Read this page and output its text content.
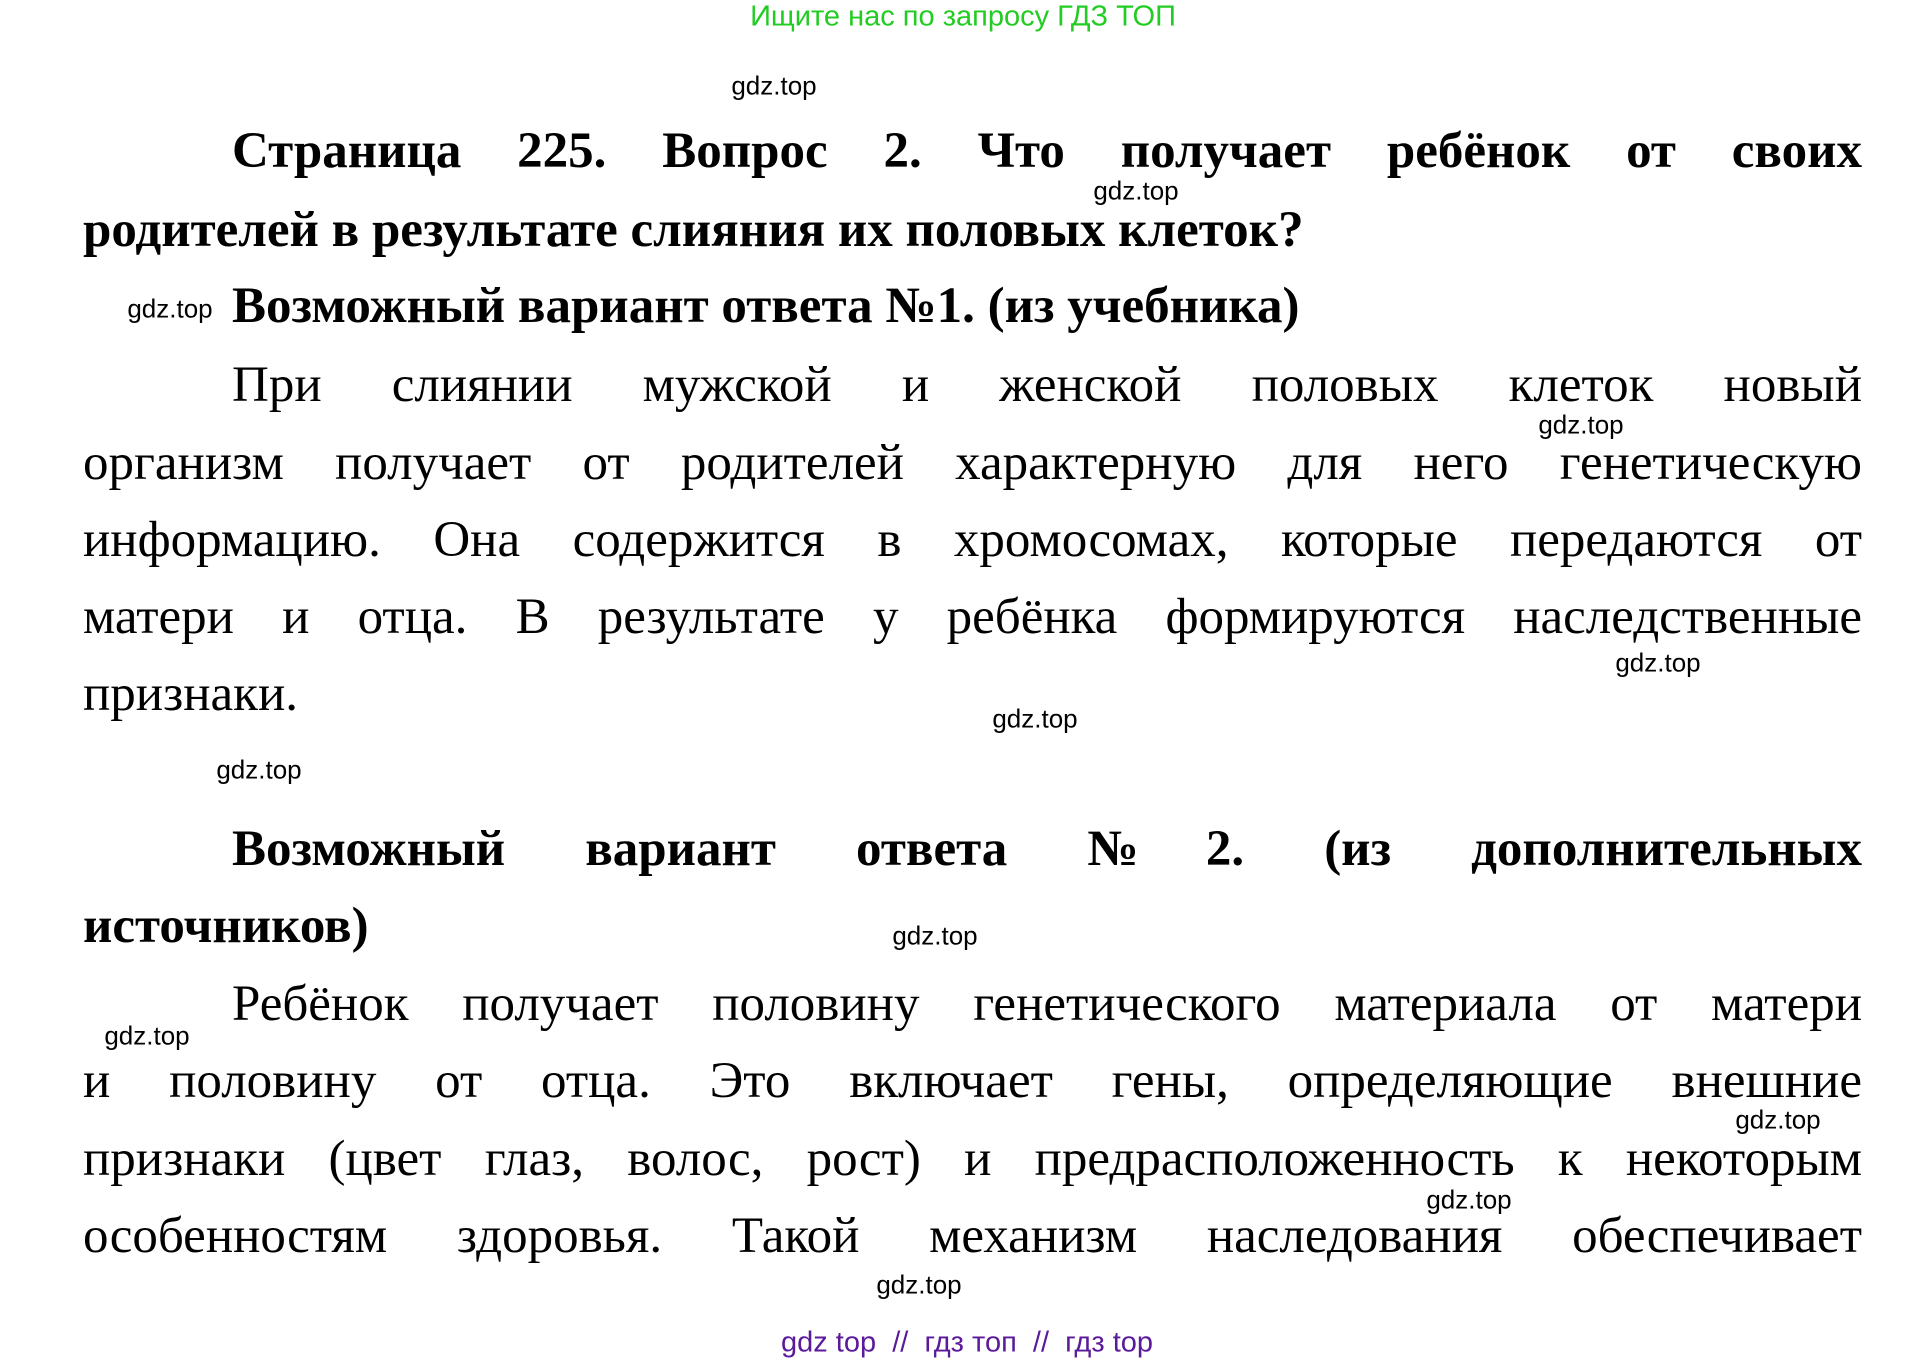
Ищите нас по запросу ГДЗ ТОП
Страница 225. Вопрос 2. Что получает ребёнок от своих
родителей в результате слияния их половых клеток?
Возможный вариант ответа №1. (из учебника)
При слиянии мужской и женской половых клеток новый
организм получает от родителей характерную для него генетическую
информацию. Она содержится в хромосомах, которые передаются от
матери и отца. В результате у ребёнка формируются наследственные
признаки.
Возможный вариант ответа №2. (из дополнительных
источников)
Ребёнок получает половину генетического материала от матери
и половину от отца. Это включает гены, определяющие внешние
признаки (цвет глаз, волос, рост) и предрасположенность к некоторым
особенностям здоровья. Такой механизм наследования обеспечивает
gdz.top
gdz.top
gdz.top
gdz.top
gdz.top
gdz.top
gdz.top
gdz.top
gdz.top
gdz.top
gdz.top
gdz.top
gdz top  //  гдз топ  //  гдз top
